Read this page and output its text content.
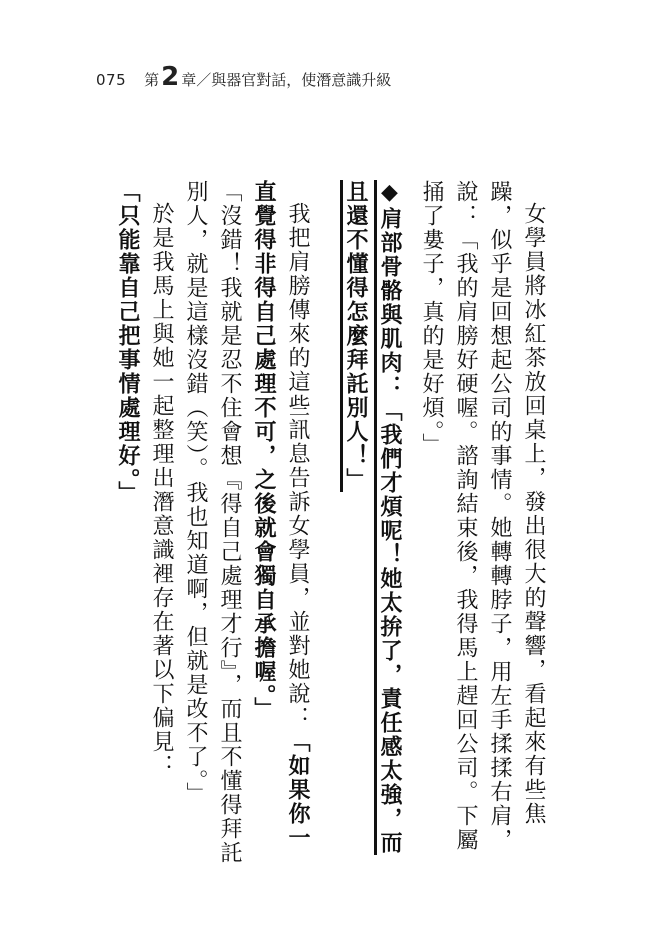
075 第 2 章／與器官對話，使潛意識升級

女學員將冰紅茶放回桌上，發出很大的聲響，看起來有些焦躁，似乎是回想起公司的事情。她轉轉脖子，用左手揉揉右肩，說：「我的肩膀好硬喔。諮詢結束後，我得馬上趕回公司。下屬捅了婁子，真的是好煩。」

◆肩部骨骼與肌肉：「我們才煩呢！她太拚了，責任感太強，而且還不懂得怎麼拜託別人！」

我把肩膀傳來的這些訊息告訴女學員，並對她說：「如果你一直覺得非得自己處理不可，之後就會獨自承擔喔。」

「沒錯！我就是忍不住會想『得自己處理才行』，而且不懂得拜託別人，就是這樣沒錯（笑）。我也知道啊，但就是改不了。」

於是我馬上與她一起整理出潛意識裡存在著以下偏見：

「只能靠自己把事情處理好。」
